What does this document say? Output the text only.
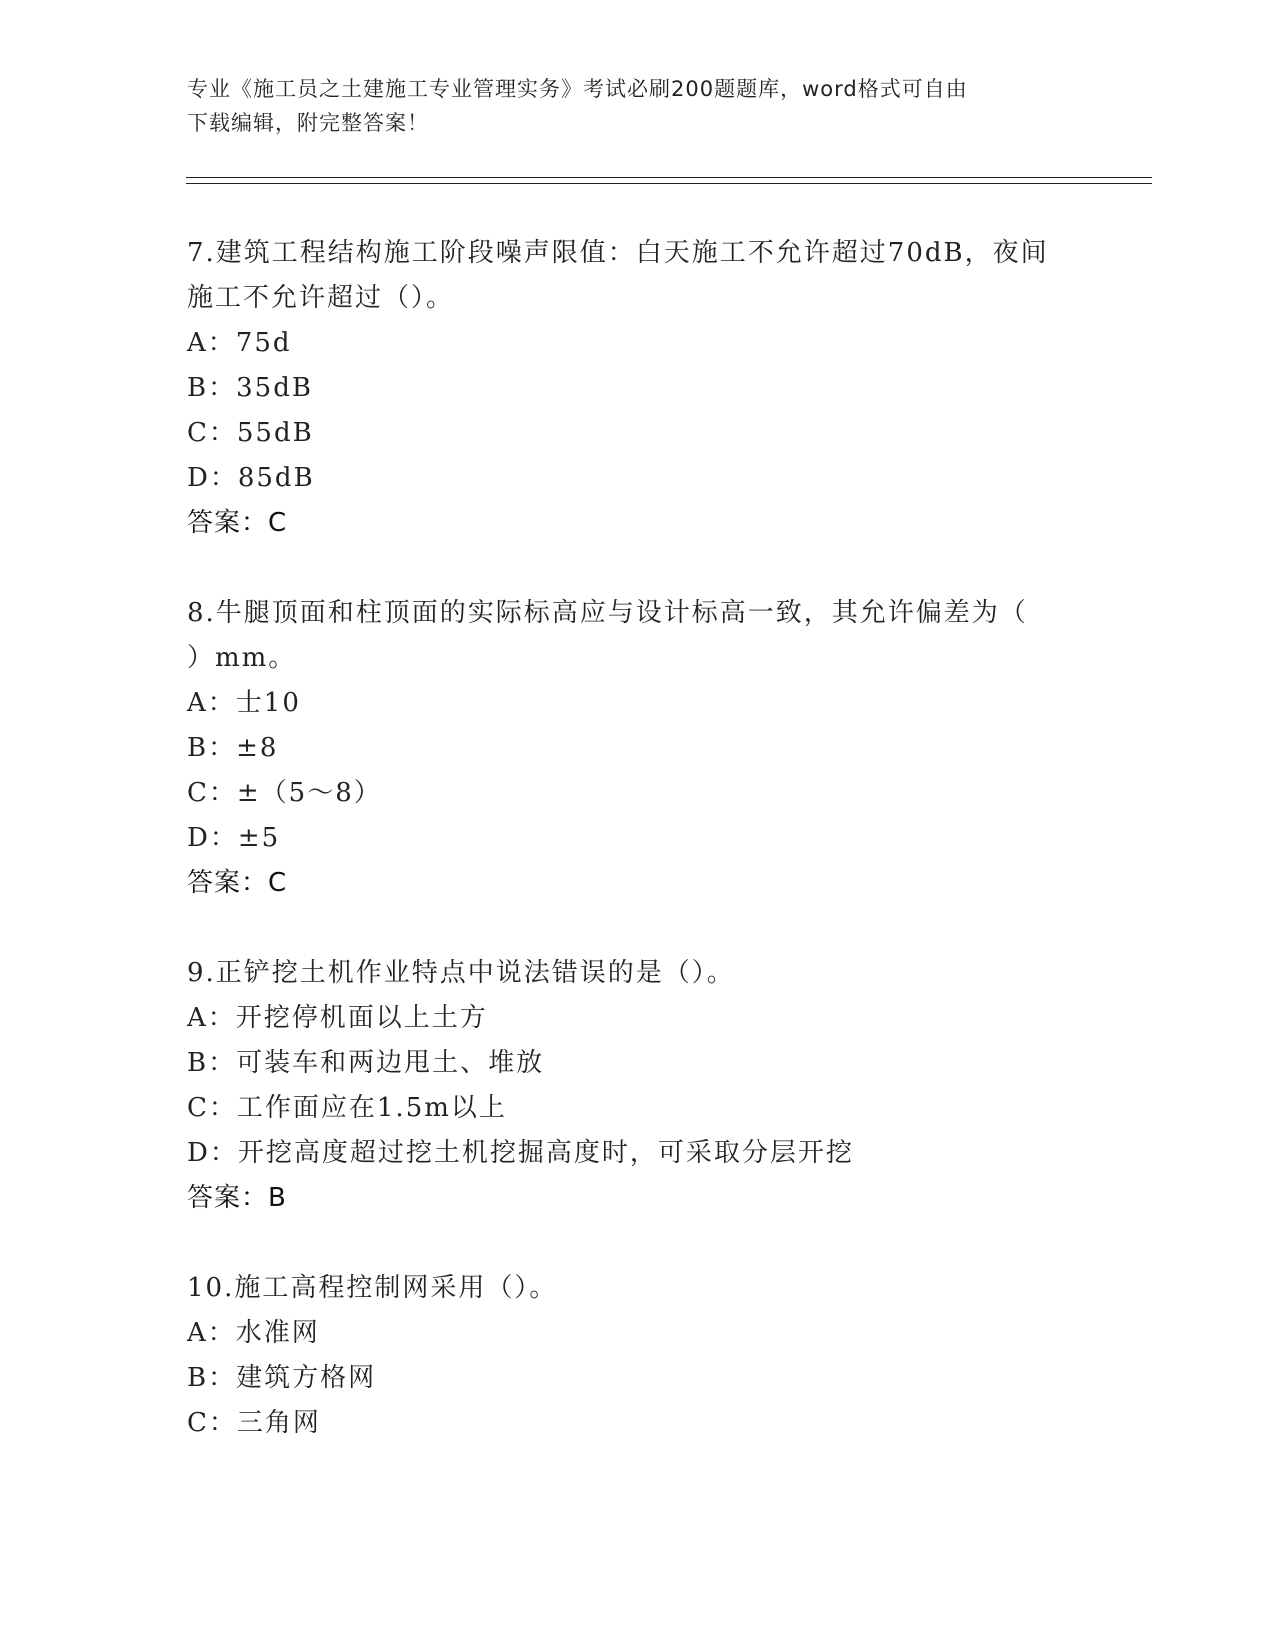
专业《施工员之土建施工专业管理实务》考试必刷200题题库，word格式可自由
下载编辑，附完整答案！
7.建筑工程结构施工阶段噪声限值：白天施工不允许超过70dB，夜间
施工不允许超过（）。
A：75d
B：35dB
C：55dB
D：85dB
答案：C
8.牛腿顶面和柱顶面的实际标高应与设计标高一致，其允许偏差为（
）mm。
A：士10
B：±8
C：±（5～8）
D：±5
答案：C
9.正铲挖土机作业特点中说法错误的是（）。
A：开挖停机面以上土方
B：可装车和两边甩土、堆放
C：工作面应在1.5m以上
D：开挖高度超过挖土机挖掘高度时，可采取分层开挖
答案：B
10.施工高程控制网采用（）。
A：水准网
B：建筑方格网
C：三角网
